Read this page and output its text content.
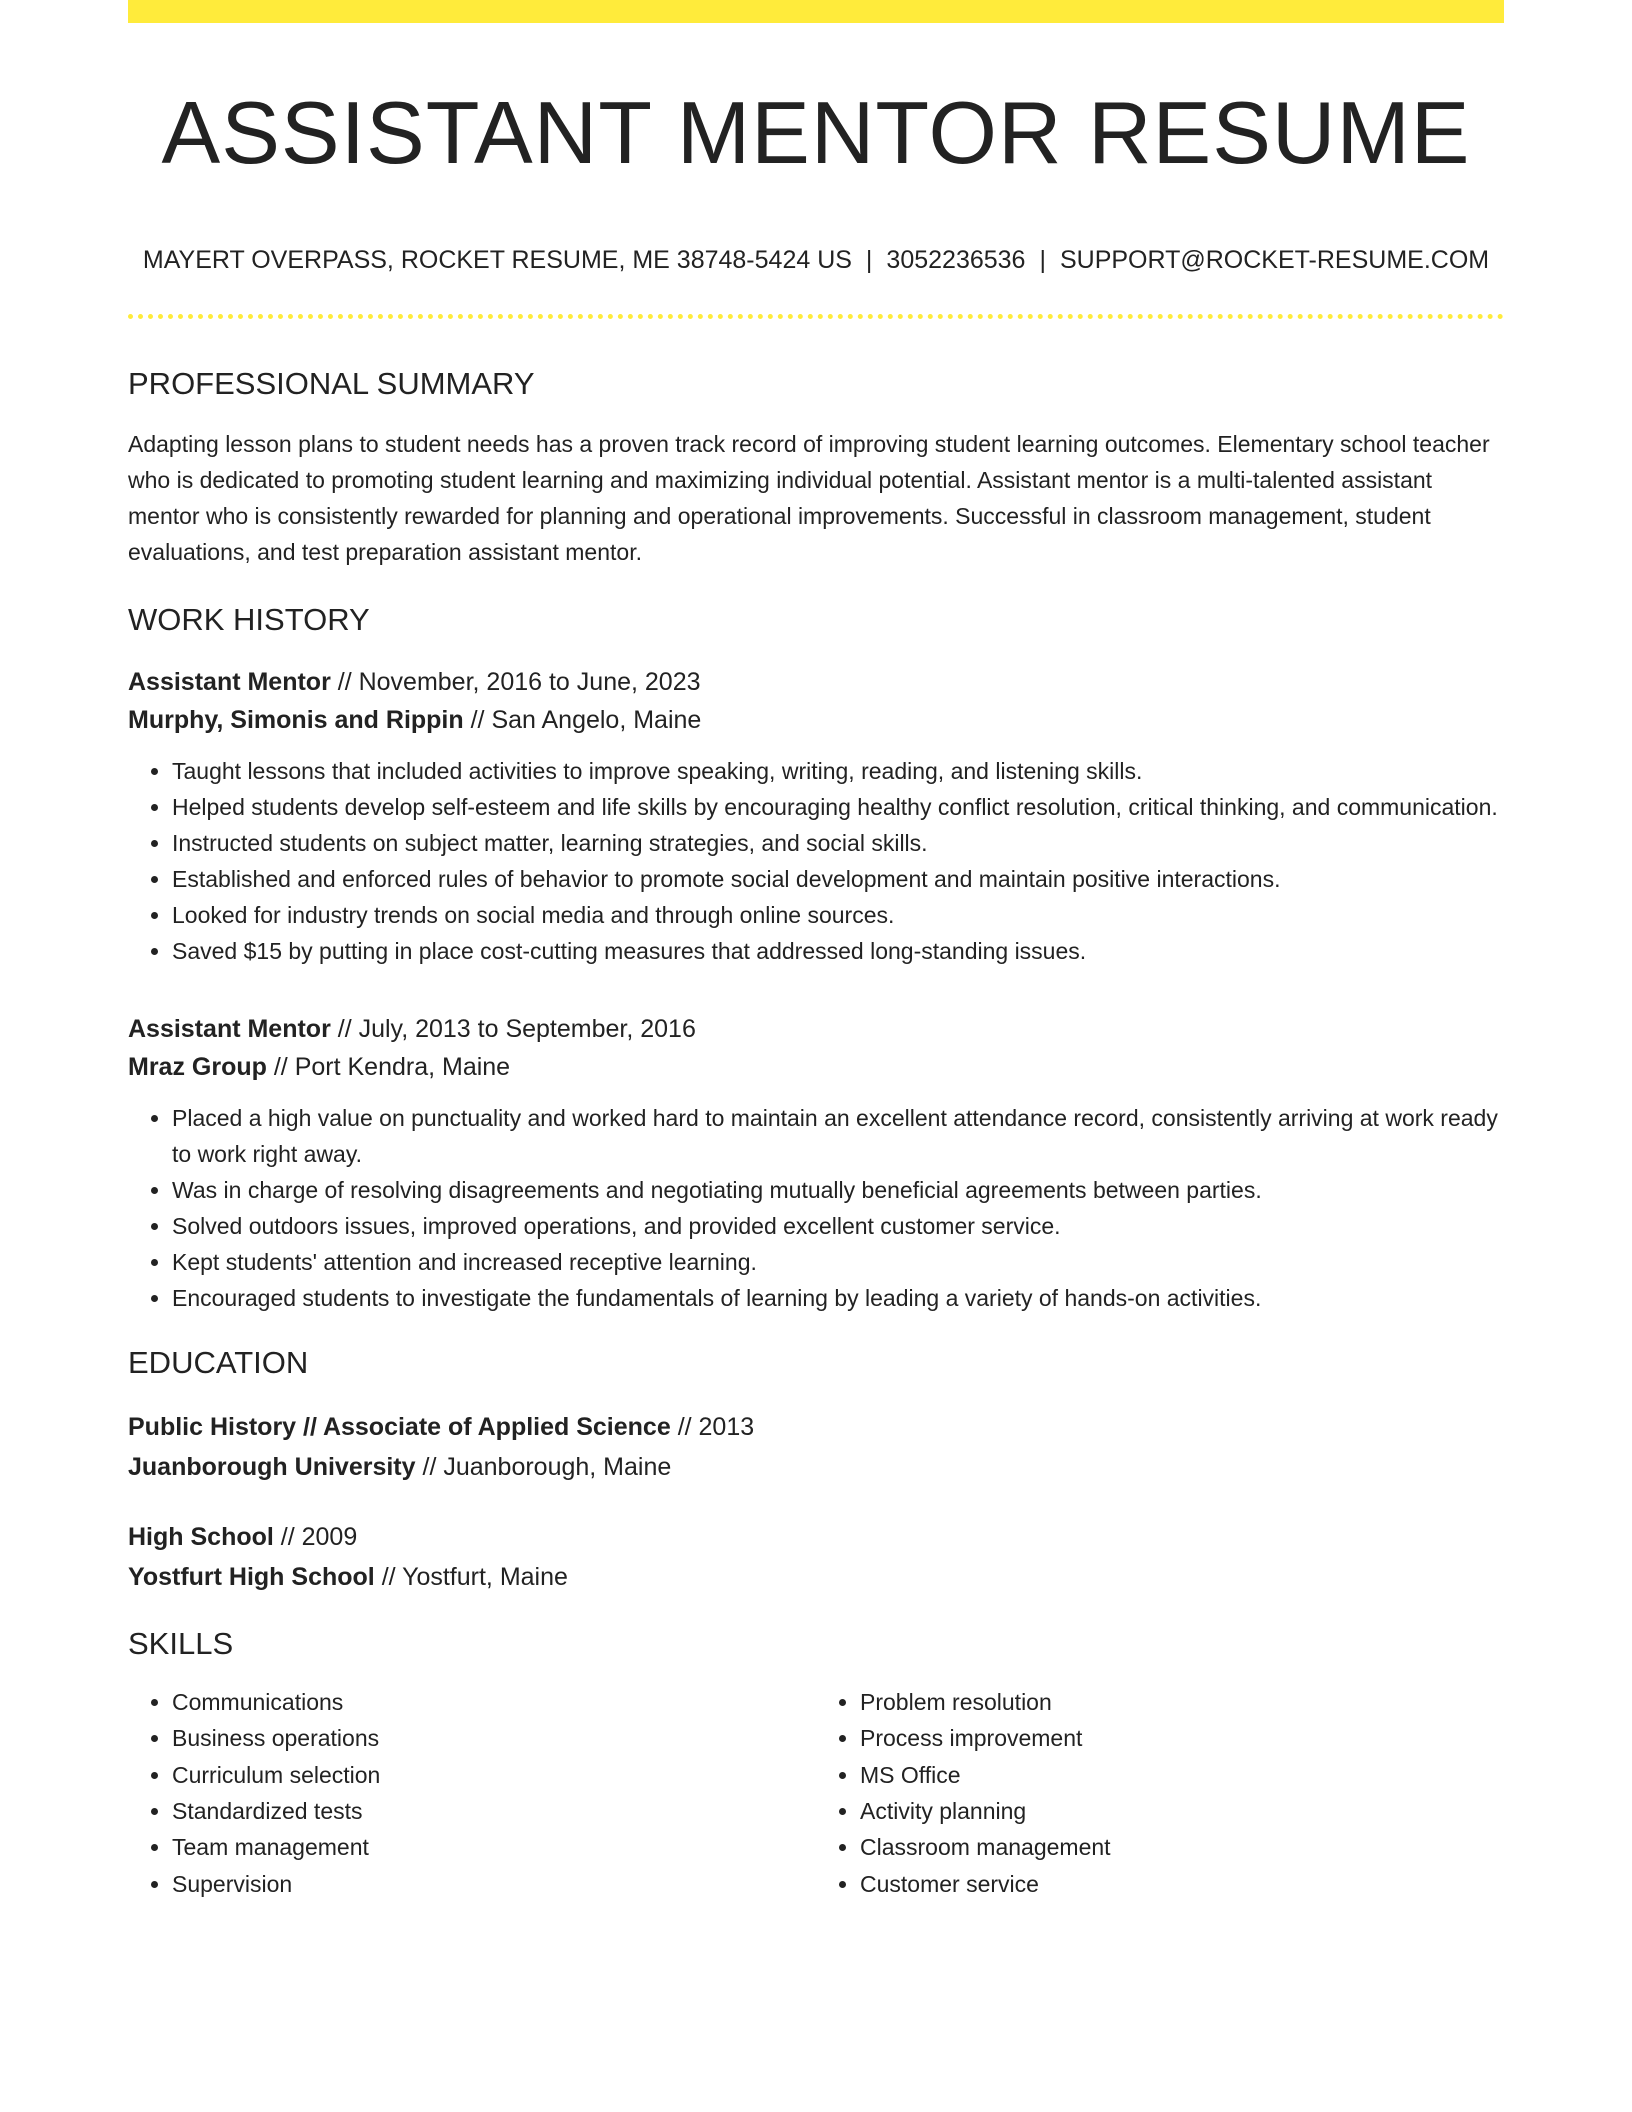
ASSISTANT MENTOR RESUME
MAYERT OVERPASS, ROCKET RESUME, ME 38748-5424 US | 3052236536 | SUPPORT@ROCKET-RESUME.COM
PROFESSIONAL SUMMARY
Adapting lesson plans to student needs has a proven track record of improving student learning outcomes. Elementary school teacher who is dedicated to promoting student learning and maximizing individual potential. Assistant mentor is a multi-talented assistant mentor who is consistently rewarded for planning and operational improvements. Successful in classroom management, student evaluations, and test preparation assistant mentor.
WORK HISTORY
Assistant Mentor // November, 2016 to June, 2023
Murphy, Simonis and Rippin // San Angelo, Maine
• Taught lessons that included activities to improve speaking, writing, reading, and listening skills.
• Helped students develop self-esteem and life skills by encouraging healthy conflict resolution, critical thinking, and communication.
• Instructed students on subject matter, learning strategies, and social skills.
• Established and enforced rules of behavior to promote social development and maintain positive interactions.
• Looked for industry trends on social media and through online sources.
• Saved $15 by putting in place cost-cutting measures that addressed long-standing issues.
Assistant Mentor // July, 2013 to September, 2016
Mraz Group // Port Kendra, Maine
• Placed a high value on punctuality and worked hard to maintain an excellent attendance record, consistently arriving at work ready to work right away.
• Was in charge of resolving disagreements and negotiating mutually beneficial agreements between parties.
• Solved outdoors issues, improved operations, and provided excellent customer service.
• Kept students' attention and increased receptive learning.
• Encouraged students to investigate the fundamentals of learning by leading a variety of hands-on activities.
EDUCATION
Public History // Associate of Applied Science // 2013
Juanborough University // Juanborough, Maine
High School // 2009
Yostfurt High School // Yostfurt, Maine
SKILLS
• Communications
• Business operations
• Curriculum selection
• Standardized tests
• Team management
• Supervision
• Problem resolution
• Process improvement
• MS Office
• Activity planning
• Classroom management
• Customer service
